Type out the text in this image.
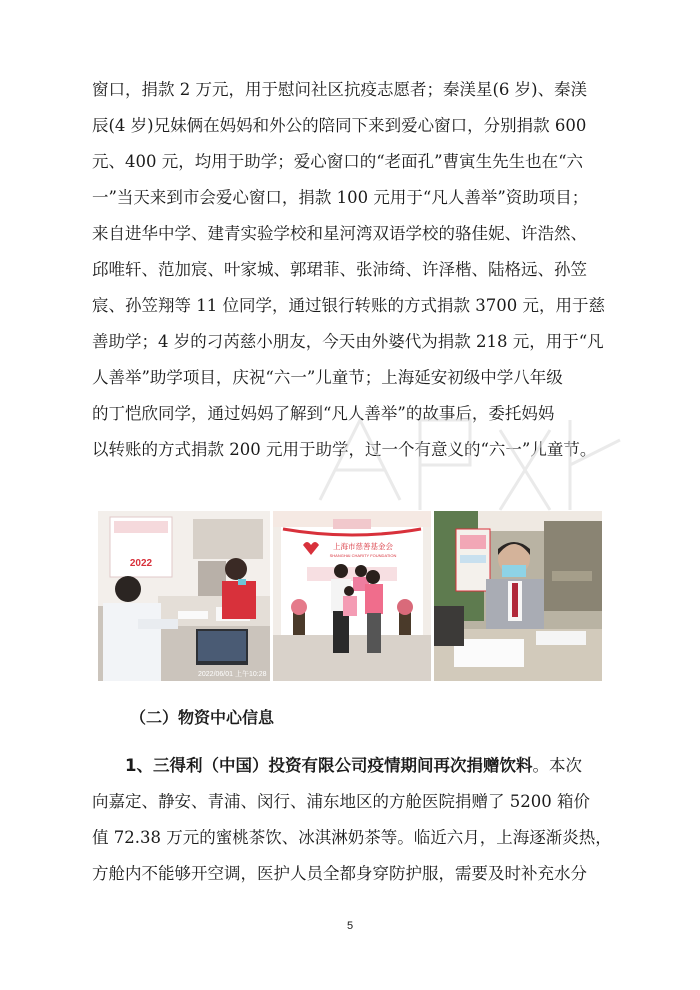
窗口，捐款 2 万元，用于慰问社区抗疫志愿者；秦渼星(6 岁)、秦渼
辰(4 岁)兄妹俩在妈妈和外公的陪同下来到爱心窗口，分别捐款 600
元、400 元，均用于助学；爱心窗口的“老面孔”曹寅生先生也在“六
一”当天来到市会爱心窗口，捐款 100 元用于“凡人善举”资助项目；
来自进华中学、建青实验学校和星河湾双语学校的骆佳妮、许浩然、
邱唯轩、范加宸、叶家城、郭珺菲、张沛绮、许泽楷、陆格远、孙笠
宸、孙笠翔等 11 位同学，通过银行转账的方式捐款 3700 元，用于慈
善助学；4 岁的刁芮慈小朋友，今天由外婆代为捐款 218 元，用于“凡
人善举”助学项目，庆祝“六一”儿童节；上海延安初级中学八年级
的丁恺欣同学，通过妈妈了解到“凡人善举”的故事后，委托妈妈
以转账的方式捐款 200 元用于助学，过一个有意义的“六一”儿童节。
2022
2022/06/01 上午10:28
上海市慈善基金会
SHANGHAI CHARITY FOUNDATION
（二）物资中心信息
1、三得利（中国）投资有限公司疫情期间再次捐赠饮料。本次
向嘉定、静安、青浦、闵行、浦东地区的方舱医院捐赠了 5200 箱价
值 72.38 万元的蜜桃茶饮、冰淇淋奶茶等。临近六月，上海逐渐炎热，
方舱内不能够开空调，医护人员全都身穿防护服，需要及时补充水分
5
